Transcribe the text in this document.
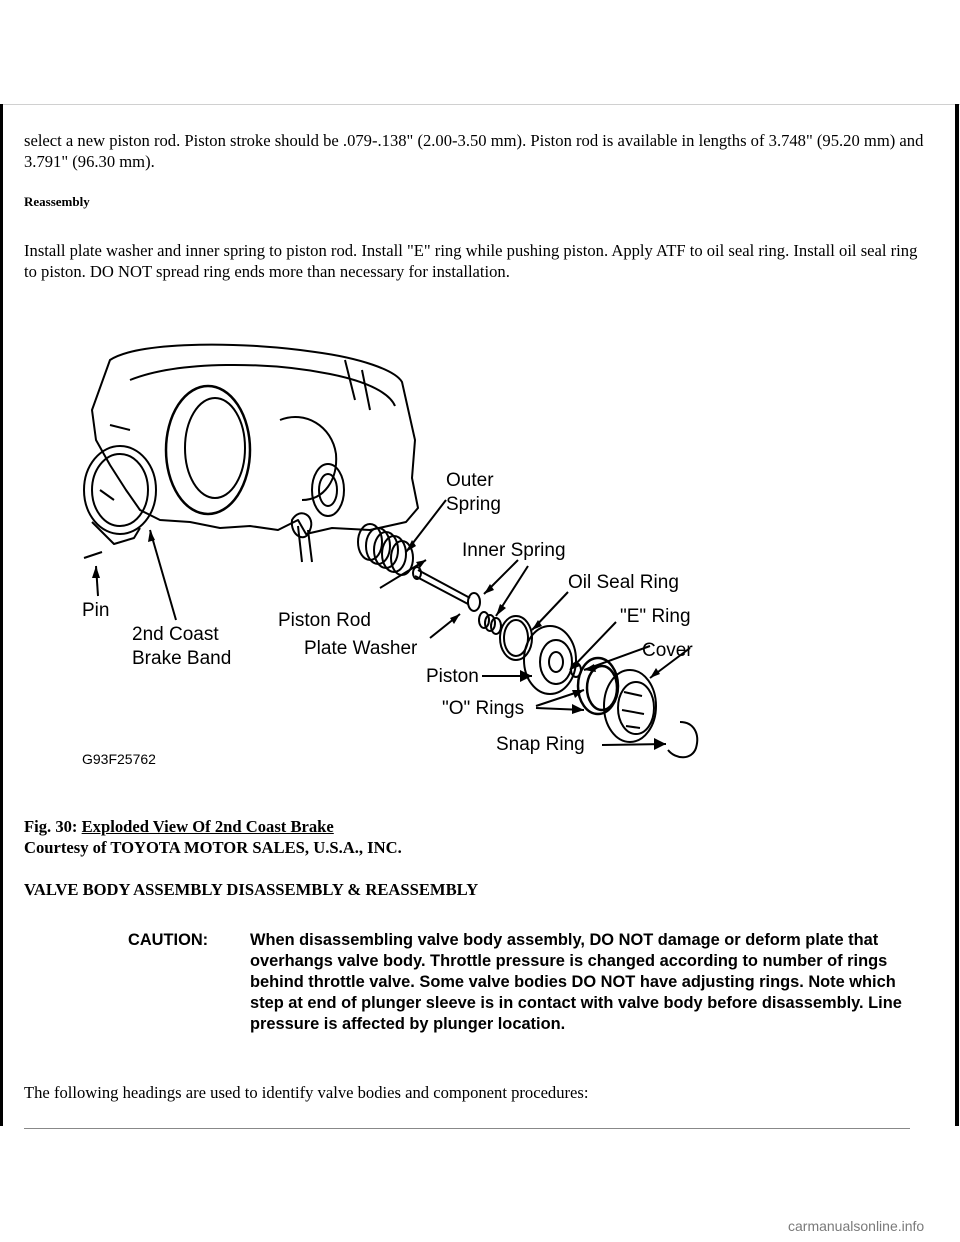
select a new piston rod. Piston stroke should be .079-.138" (2.00-3.50 mm). Piston rod is available in lengths of 3.748" (95.20 mm) and 3.791" (96.30 mm).

Reassembly

Install plate washer and inner spring to piston rod. Install "E" ring while pushing piston. Apply ATF to oil seal ring. Install oil seal ring to piston. DO NOT spread ring ends more than necessary for installation.

Outer
Spring
Inner Spring
Oil Seal Ring
"E" Ring
Cover
Piston Rod
Plate Washer
Piston
"O" Rings
Snap Ring
Pin
2nd Coast
Brake Band
G93F25762
Fig. 30: Exploded View Of 2nd Coast Brake
Courtesy of TOYOTA MOTOR SALES, U.S.A., INC.
VALVE BODY ASSEMBLY DISASSEMBLY & REASSEMBLY
CAUTION:	When disassembling valve body assembly, DO NOT damage or deform plate that overhangs valve body. Throttle pressure is changed according to number of rings behind throttle valve. Some valve bodies DO NOT have adjusting rings. Note which step at end of plunger sleeve is in contact with valve body before disassembly. Line pressure is affected by plunger location.

The following headings are used to identify valve bodies and component procedures:

carmanualsonline.info
